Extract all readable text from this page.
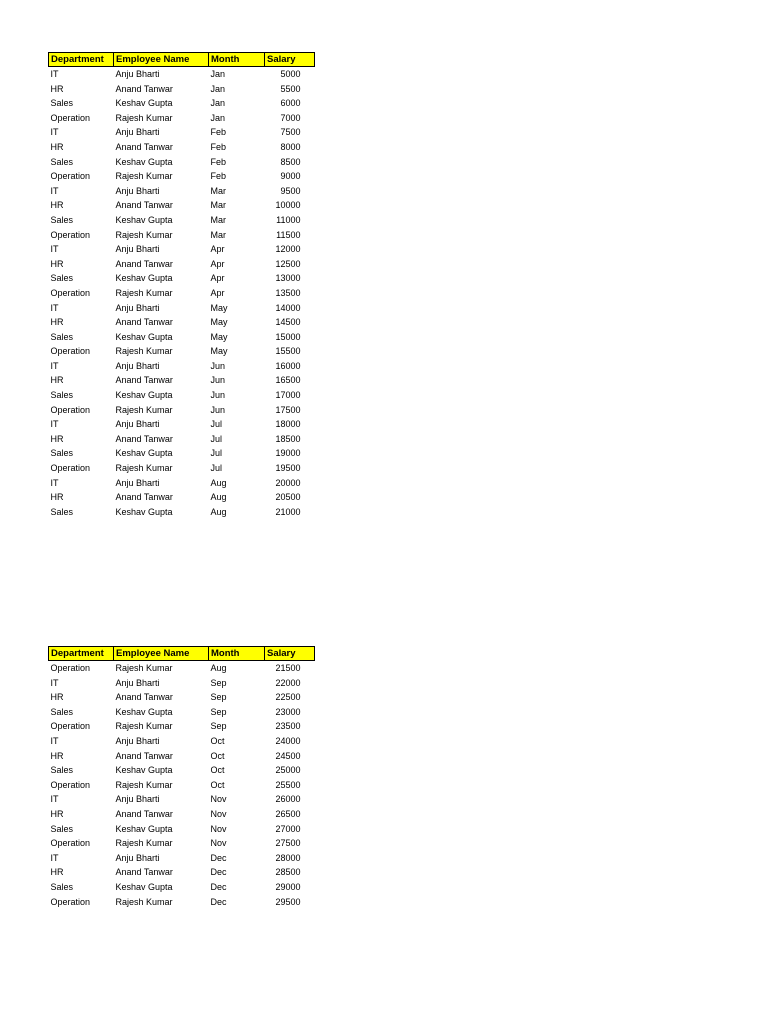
Department	Employee Name	Month	Salary
IT	Anju Bharti	Jan	5000
HR	Anand Tanwar	Jan	5500
Sales	Keshav Gupta	Jan	6000
Operation	Rajesh Kumar	Jan	7000
IT	Anju Bharti	Feb	7500
HR	Anand Tanwar	Feb	8000
Sales	Keshav Gupta	Feb	8500
Operation	Rajesh Kumar	Feb	9000
IT	Anju Bharti	Mar	9500
HR	Anand Tanwar	Mar	10000
Sales	Keshav Gupta	Mar	11000
Operation	Rajesh Kumar	Mar	11500
IT	Anju Bharti	Apr	12000
HR	Anand Tanwar	Apr	12500
Sales	Keshav Gupta	Apr	13000
Operation	Rajesh Kumar	Apr	13500
IT	Anju Bharti	May	14000
HR	Anand Tanwar	May	14500
Sales	Keshav Gupta	May	15000
Operation	Rajesh Kumar	May	15500
IT	Anju Bharti	Jun	16000
HR	Anand Tanwar	Jun	16500
Sales	Keshav Gupta	Jun	17000
Operation	Rajesh Kumar	Jun	17500
IT	Anju Bharti	Jul	18000
HR	Anand Tanwar	Jul	18500
Sales	Keshav Gupta	Jul	19000
Operation	Rajesh Kumar	Jul	19500
IT	Anju Bharti	Aug	20000
HR	Anand Tanwar	Aug	20500
Sales	Keshav Gupta	Aug	21000
Department	Employee Name	Month	Salary
Operation	Rajesh Kumar	Aug	21500
IT	Anju Bharti	Sep	22000
HR	Anand Tanwar	Sep	22500
Sales	Keshav Gupta	Sep	23000
Operation	Rajesh Kumar	Sep	23500
IT	Anju Bharti	Oct	24000
HR	Anand Tanwar	Oct	24500
Sales	Keshav Gupta	Oct	25000
Operation	Rajesh Kumar	Oct	25500
IT	Anju Bharti	Nov	26000
HR	Anand Tanwar	Nov	26500
Sales	Keshav Gupta	Nov	27000
Operation	Rajesh Kumar	Nov	27500
IT	Anju Bharti	Dec	28000
HR	Anand Tanwar	Dec	28500
Sales	Keshav Gupta	Dec	29000
Operation	Rajesh Kumar	Dec	29500
